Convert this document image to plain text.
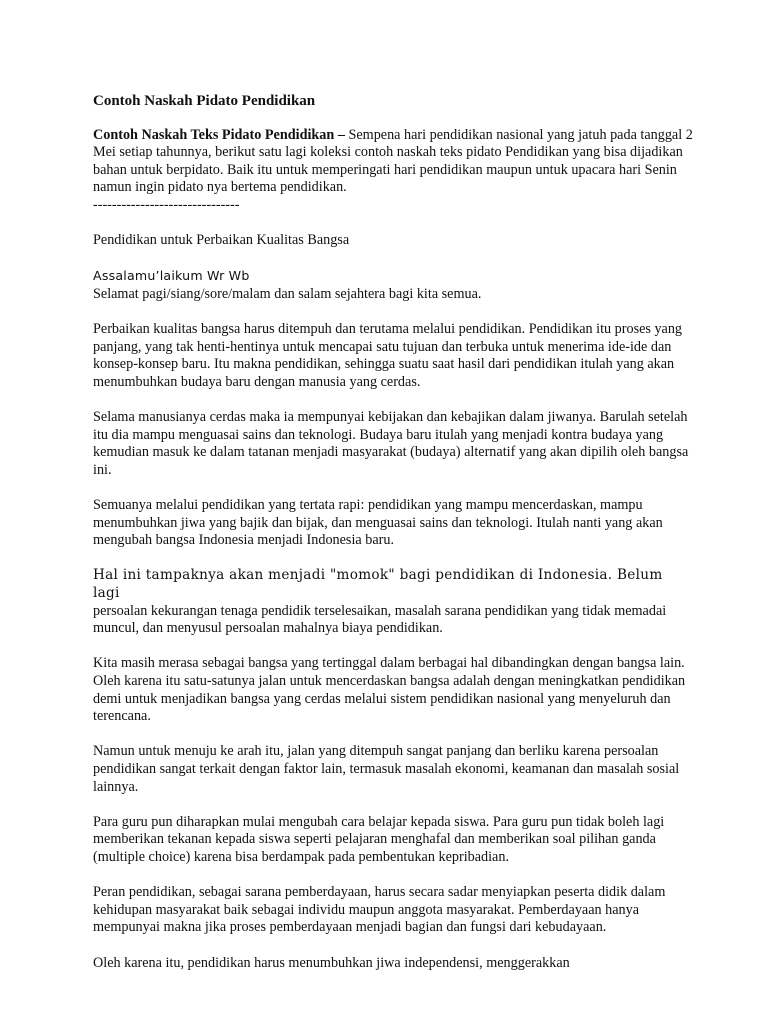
Contoh Naskah Pidato Pendidikan

Contoh Naskah Teks Pidato Pendidikan – Sempena hari pendidikan nasional yang jatuh pada tanggal 2 Mei setiap tahunnya, berikut satu lagi koleksi contoh naskah teks pidato Pendidikan yang bisa dijadikan bahan untuk berpidato. Baik itu untuk memperingati hari pendidikan maupun untuk upacara hari Senin namun ingin pidato nya bertema pendidikan.
-------------------------------

Pendidikan untuk Perbaikan Kualitas Bangsa

Assalamu’laikum Wr Wb
Selamat pagi/siang/sore/malam dan salam sejahtera bagi kita semua.

Perbaikan kualitas bangsa harus ditempuh dan terutama melalui pendidikan. Pendidikan itu proses yang panjang, yang tak henti-hentinya untuk mencapai satu tujuan dan terbuka untuk menerima ide-ide dan konsep-konsep baru. Itu makna pendidikan, sehingga suatu saat hasil dari pendidikan itulah yang akan menumbuhkan budaya baru dengan manusia yang cerdas.

Selama manusianya cerdas maka ia mempunyai kebijakan dan kebajikan dalam jiwanya. Barulah setelah itu dia mampu menguasai sains dan teknologi. Budaya baru itulah yang menjadi kontra budaya yang kemudian masuk ke dalam tatanan menjadi masyarakat (budaya) alternatif yang akan dipilih oleh bangsa ini.

Semuanya melalui pendidikan yang tertata rapi: pendidikan yang mampu mencerdaskan, mampu menumbuhkan jiwa yang bajik dan bijak, dan menguasai sains dan teknologi. Itulah nanti yang akan mengubah bangsa Indonesia menjadi Indonesia baru.

Hal ini tampaknya akan menjadi "momok" bagi pendidikan di Indonesia. Belum lagi
persoalan kekurangan tenaga pendidik terselesaikan, masalah sarana pendidikan yang tidak memadai muncul, dan menyusul persoalan mahalnya biaya pendidikan.

Kita masih merasa sebagai bangsa yang tertinggal dalam berbagai hal dibandingkan dengan bangsa lain. Oleh karena itu satu-satunya jalan untuk mencerdaskan bangsa adalah dengan meningkatkan pendidikan demi untuk menjadikan bangsa yang cerdas melalui sistem pendidikan nasional yang menyeluruh dan terencana.

Namun untuk menuju ke arah itu, jalan yang ditempuh sangat panjang dan berliku karena persoalan pendidikan sangat terkait dengan faktor lain, termasuk masalah ekonomi, keamanan dan masalah sosial lainnya.

Para guru pun diharapkan mulai mengubah cara belajar kepada siswa. Para guru pun tidak boleh lagi memberikan tekanan kepada siswa seperti pelajaran menghafal dan memberikan soal pilihan ganda (multiple choice) karena bisa berdampak pada pembentukan kepribadian.

Peran pendidikan, sebagai sarana pemberdayaan, harus secara sadar menyiapkan peserta didik dalam kehidupan masyarakat baik sebagai individu maupun anggota masyarakat. Pemberdayaan hanya mempunyai makna jika proses pemberdayaan menjadi bagian dan fungsi dari kebudayaan.

Oleh karena itu, pendidikan harus menumbuhkan jiwa independensi, menggerakkan
